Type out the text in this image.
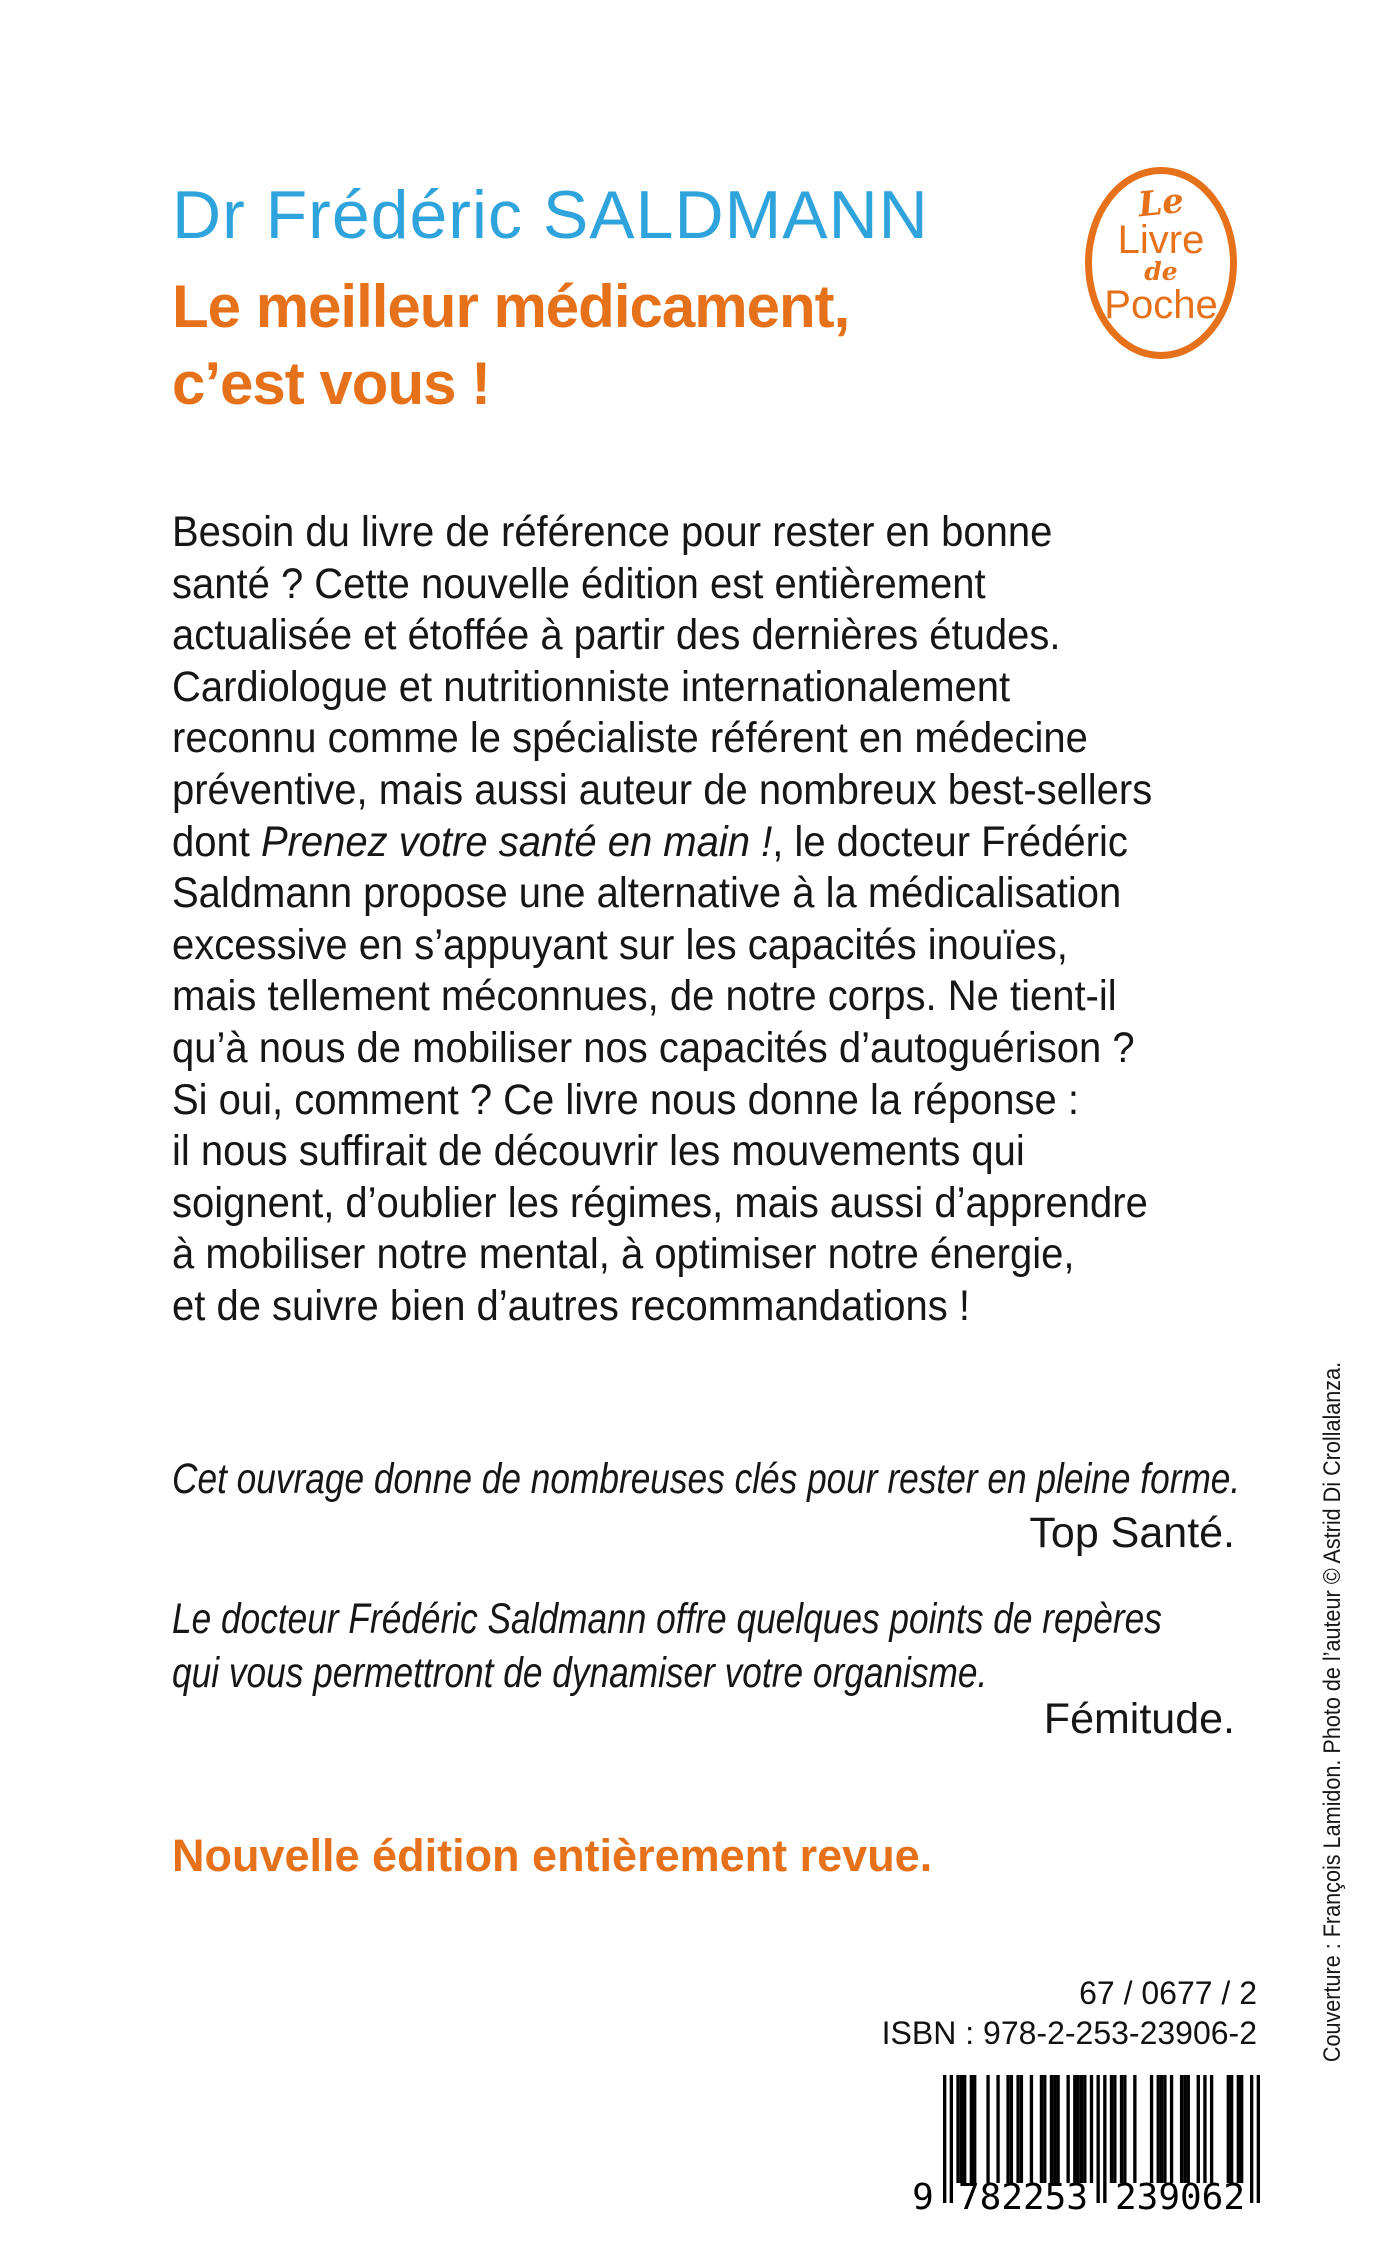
Dr Frédéric SALDMANN
Le meilleur médicament,
c’est vous !
Le
Livre
de
Poche
Besoin du livre de référence pour rester en bonne
santé ? Cette nouvelle édition est entièrement
actualisée et étoffée à partir des dernières études.
Cardiologue et nutritionniste internationalement
reconnu comme le spécialiste référent en médecine
préventive, mais aussi auteur de nombreux best-sellers
dont Prenez votre santé en main !, le docteur Frédéric
Saldmann propose une alternative à la médicalisation
excessive en s’appuyant sur les capacités inouïes,
mais tellement méconnues, de notre corps. Ne tient-il
qu’à nous de mobiliser nos capacités d’autoguérison ?
Si oui, comment ? Ce livre nous donne la réponse :
il nous suffirait de découvrir les mouvements qui
soignent, d’oublier les régimes, mais aussi d’apprendre
à mobiliser notre mental, à optimiser notre énergie,
et de suivre bien d’autres recommandations !
Cet ouvrage donne de nombreuses clés pour rester en pleine forme.
Top Santé.
Le docteur Frédéric Saldmann offre quelques points de repères
qui vous permettront de dynamiser votre organisme.
Fémitude.
Nouvelle édition entièrement revue.
67 / 0677 / 2
ISBN : 978-2-253-23906-2
9 782253 239062
Couverture : François Lamidon. Photo de l’auteur © Astrid Di Crollalanza.
